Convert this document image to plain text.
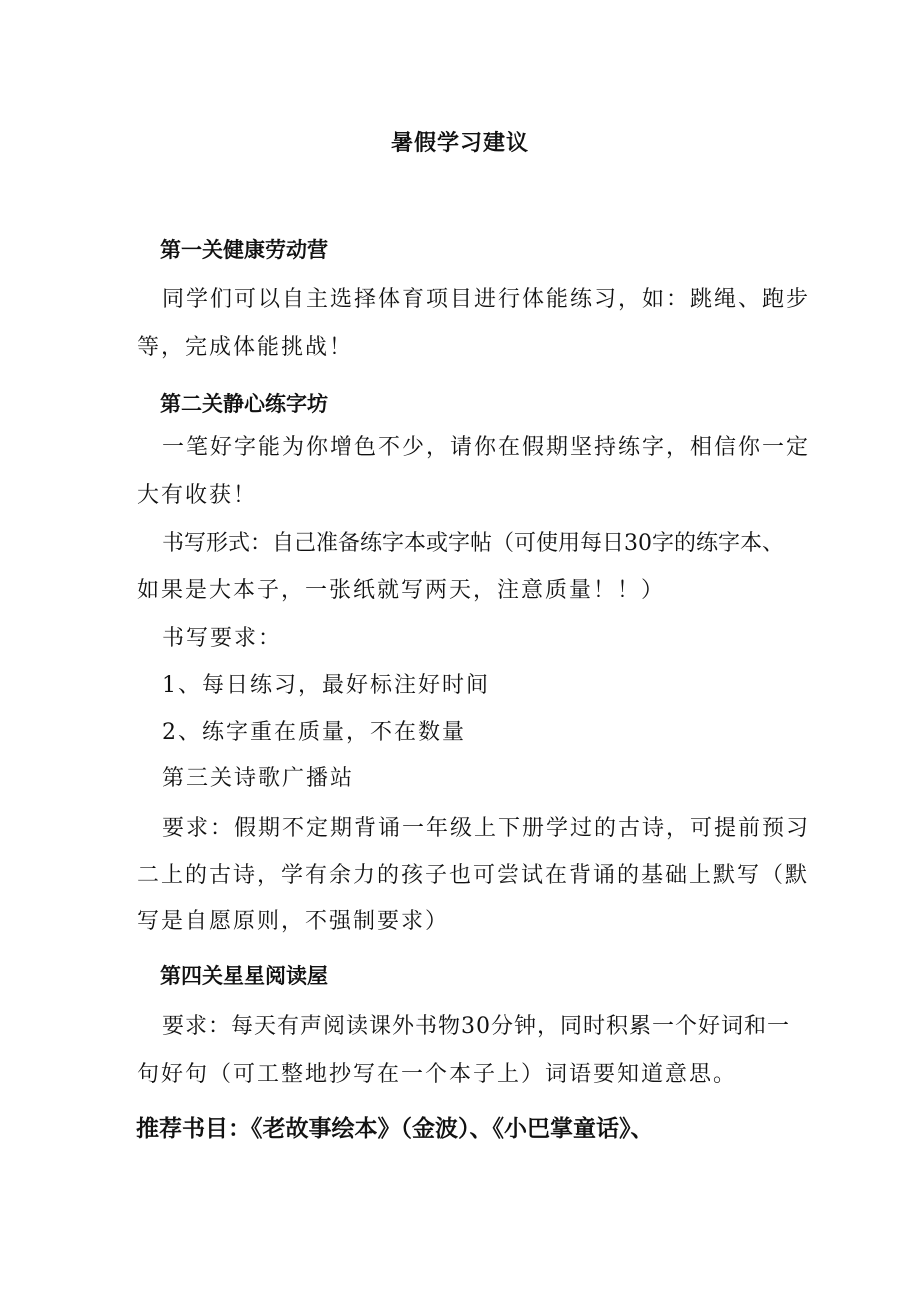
暑假学习建议
第一关健康劳动营
同学们可以自主选择体育项目进行体能练习，如：跳绳、跑步
等，完成体能挑战！
第二关静心练字坊
一笔好字能为你增色不少，请你在假期坚持练字，相信你一定
大有收获！
书写形式：自己准备练字本或字帖（可使用每日30字的练字本、
如果是大本子，一张纸就写两天，注意质量！！）
书写要求：
1、每日练习，最好标注好时间
2、练字重在质量，不在数量
第三关诗歌广播站
要求：假期不定期背诵一年级上下册学过的古诗，可提前预习
二上的古诗，学有余力的孩子也可尝试在背诵的基础上默写（默
写是自愿原则，不强制要求）
第四关星星阅读屋
要求：每天有声阅读课外书物30分钟，同时积累一个好词和一
句好句（可工整地抄写在一个本子上）词语要知道意思。
推荐书目：《老故事绘本》（金波）、《小巴掌童话》、
